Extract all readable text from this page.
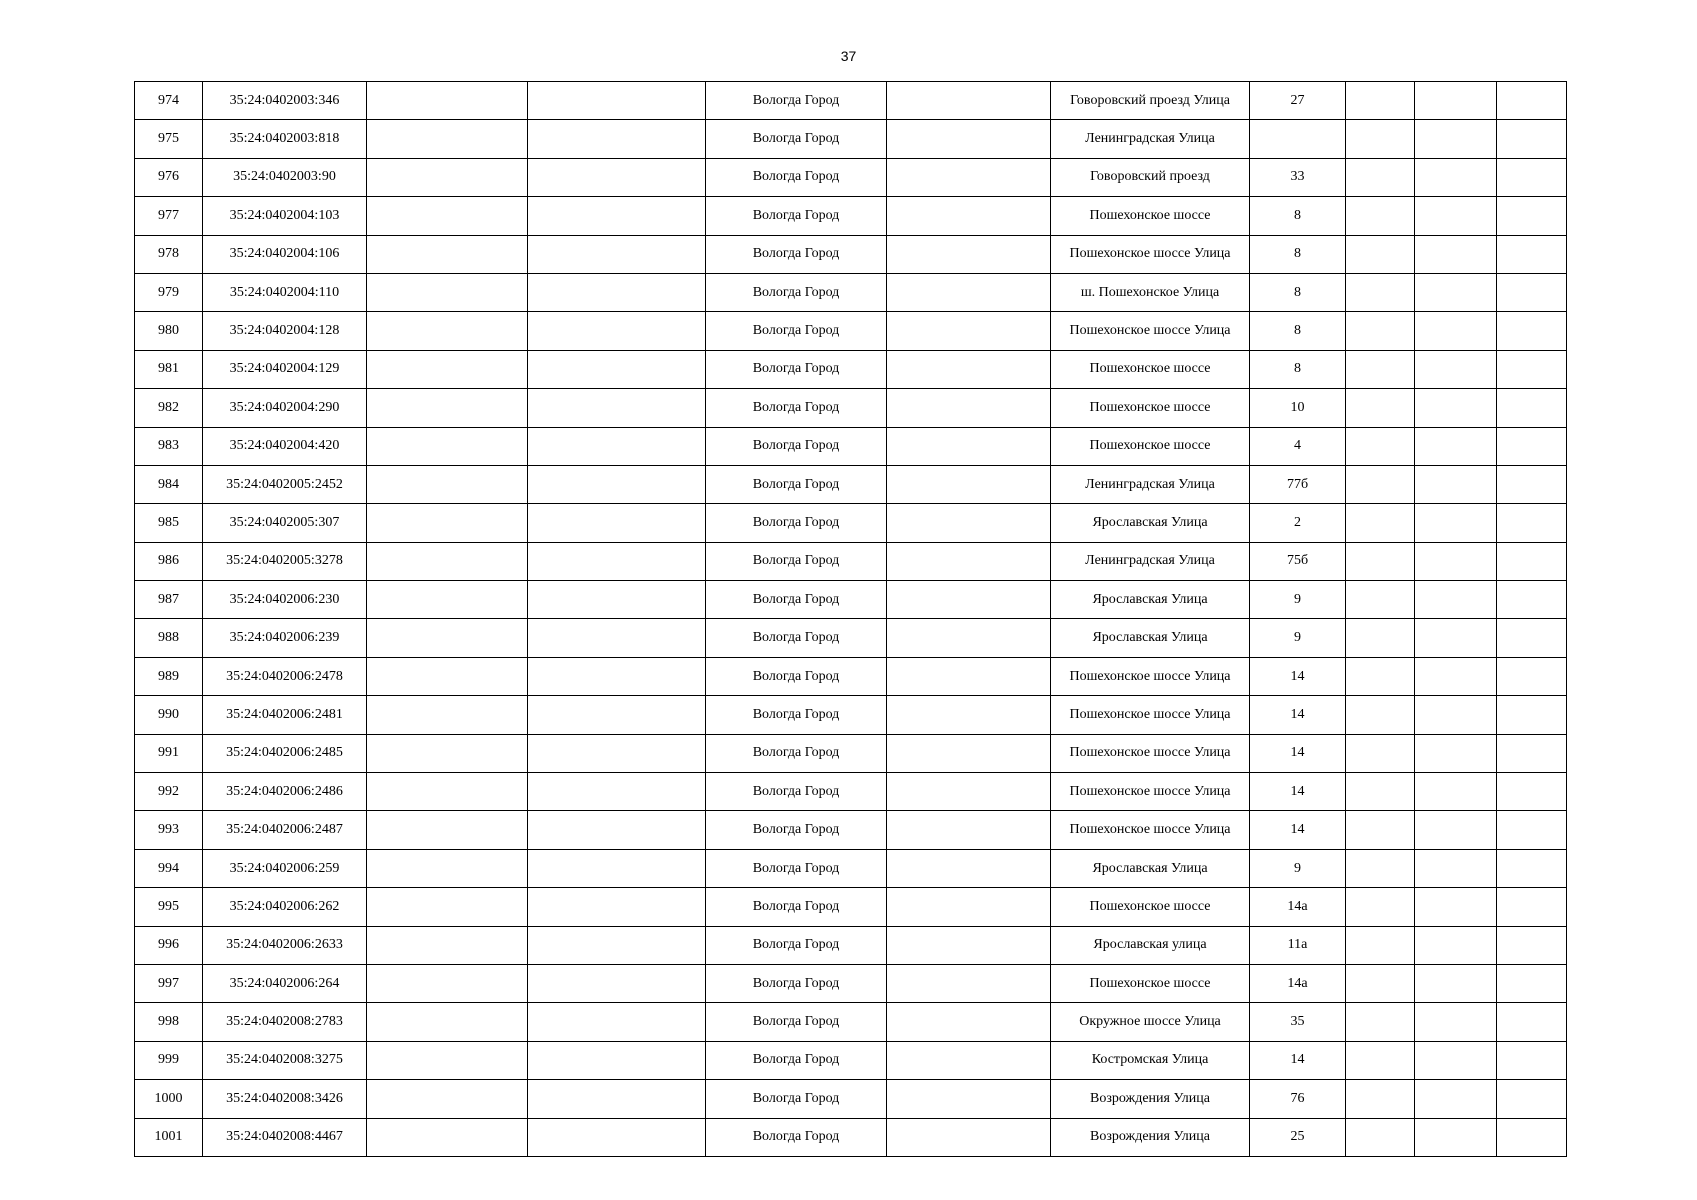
37
974	35:24:0402003:346			Вологда Город		Говоровский проезд Улица	27			
975	35:24:0402003:818			Вологда Город		Ленинградская Улица				
976	35:24:0402003:90			Вологда Город		Говоровский проезд	33			
977	35:24:0402004:103			Вологда Город		Пошехонское шоссе	8			
978	35:24:0402004:106			Вологда Город		Пошехонское шоссе Улица	8			
979	35:24:0402004:110			Вологда Город		ш. Пошехонское Улица	8			
980	35:24:0402004:128			Вологда Город		Пошехонское шоссе Улица	8			
981	35:24:0402004:129			Вологда Город		Пошехонское шоссе	8			
982	35:24:0402004:290			Вологда Город		Пошехонское шоссе	10			
983	35:24:0402004:420			Вологда Город		Пошехонское шоссе	4			
984	35:24:0402005:2452			Вологда Город		Ленинградская Улица	77б			
985	35:24:0402005:307			Вологда Город		Ярославская Улица	2			
986	35:24:0402005:3278			Вологда Город		Ленинградская Улица	75б			
987	35:24:0402006:230			Вологда Город		Ярославская Улица	9			
988	35:24:0402006:239			Вологда Город		Ярославская Улица	9			
989	35:24:0402006:2478			Вологда Город		Пошехонское шоссе Улица	14			
990	35:24:0402006:2481			Вологда Город		Пошехонское шоссе Улица	14			
991	35:24:0402006:2485			Вологда Город		Пошехонское шоссе Улица	14			
992	35:24:0402006:2486			Вологда Город		Пошехонское шоссе Улица	14			
993	35:24:0402006:2487			Вологда Город		Пошехонское шоссе Улица	14			
994	35:24:0402006:259			Вологда Город		Ярославская Улица	9			
995	35:24:0402006:262			Вологда Город		Пошехонское шоссе	14а			
996	35:24:0402006:2633			Вологда Город		Ярославская улица	11а			
997	35:24:0402006:264			Вологда Город		Пошехонское шоссе	14а			
998	35:24:0402008:2783			Вологда Город		Окружное шоссе Улица	35			
999	35:24:0402008:3275			Вологда Город		Костромская Улица	14			
1000	35:24:0402008:3426			Вологда Город		Возрождения Улица	76			
1001	35:24:0402008:4467			Вологда Город		Возрождения Улица	25			
